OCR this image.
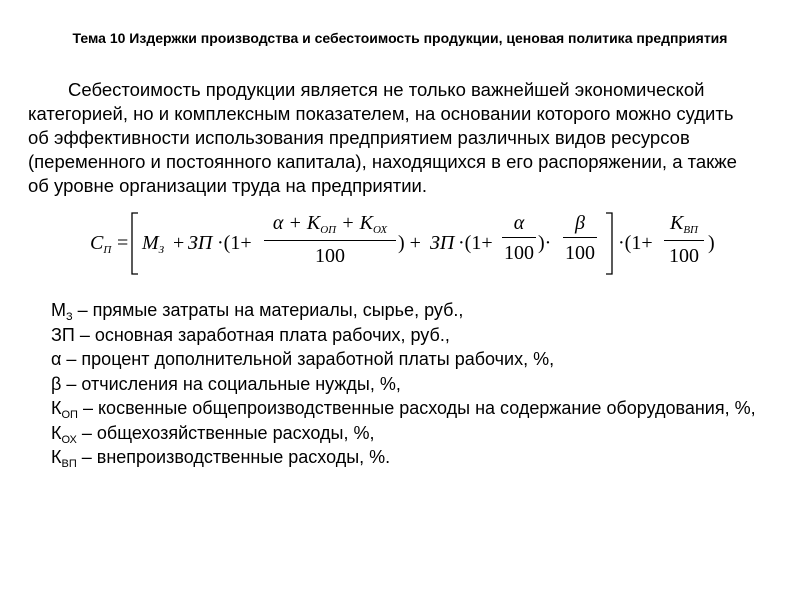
Тема 10 Издержки производства и себестоимость продукции, ценовая политика предприятия
Себестоимость продукции является не только важнейшей экономической категорией, но и комплексным показателем, на основании которого можно судить об эффективности использования предприятием различных видов ресурсов (переменного и постоянного капитала), находящихся в его распоряжении, а также об уровне организации труда на предприятии.
$C_П = M_З$ + ЗП ·(1+
$\alpha + K_{ОП} + K_{ОХ}$
100
) + ЗП ·(1+
α
100 )·
β
100 ·(1+
$K_{ВП}$
100
)
$М_З$ – прямые затраты на материалы, сырье, руб.,
ЗП – основная заработная плата рабочих, руб.,
α – процент дополнительной заработной платы рабочих, %,
β – отчисления на социальные нужды, %,
$К_{ОП}$ – косвенные общепроизводственные расходы на содержание оборудования, %,
$К_{ОХ}$ – общехозяйственные расходы, %,
$К_{ВП}$ – внепроизводственные расходы, %.
